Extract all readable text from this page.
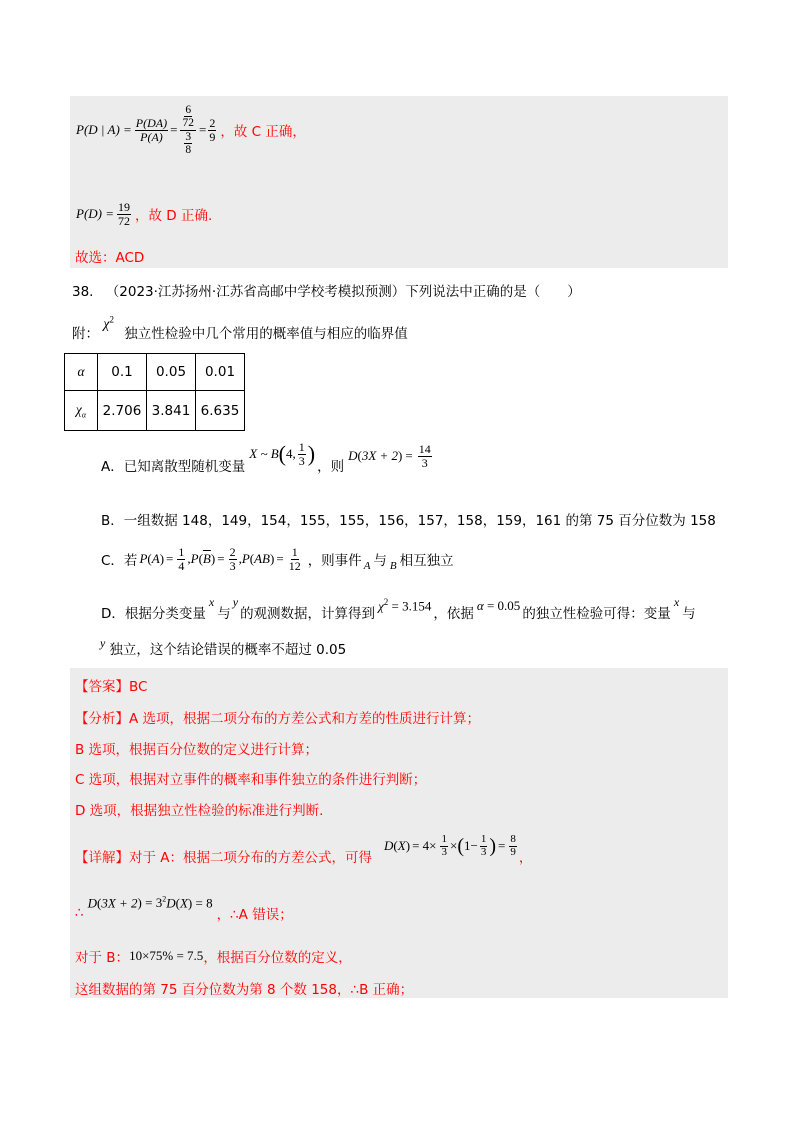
P(D | $A) = \frac{P(DA)}{P(A)} = \frac{\frac{6}{72}}{\frac{3}{8}} = \frac{2}{9}$ ，故 C 正确，
$P(D) = \frac{19}{72}$ ，故 D 正确.
故选：ACD
38. （2023·江苏扬州·江苏省高邮中学校考模拟预测）下列说法中正确的是（　　）
附： $\chi^2$ 独立性检验中几个常用的概率值与相应的临界值
α	0.1	0.05	0.01
$\chi_\alpha$	2.706	3.841	6.635
A．已知离散型随机变量
X ~ B ( 4, $\frac{1}{3}$ )
，则
D ( 3X + 2 ) = $\frac{14}{3}$
B．一组数据 148，149，154，155，155，156，157，158，159，161 的第 75 百分位数为 158
C．若 P ( A ) = $\frac{1}{4}$ , P ( $\overline{B}$ ) = $\frac{2}{3}$ , P ( AB ) = $\frac{1}{12}$ ，则事件 A 与 B 相互独立
D．根据分类变量
x
与
y
的观测数据，计算得到 $\chi^2 = 3.154$ ，依据
α = 0.05
的独立性检验可得：变量
x
与
y 独立，这个结论错误的概率不超过 0.05
【答案】BC
【分析】A 选项，根据二项分布的方差公式和方差的性质进行计算；
B 选项，根据百分位数的定义进行计算；
C 选项，根据对立事件的概率和事件独立的条件进行判断；
D 选项，根据独立性检验的标准进行判断.
【详解】 对于 A：根据二项分布的方差公式，可得
D ( X ) = $4\times \frac{1}{3}$ × ( $1- \frac{1}{3}$ ) = $\frac{8}{9}$ ，
∴
$D(3X + 2) = 3^2D(X) = 8$
，∴A 错误；
对于 B： 10×75% = 7.5 ，根据百分位数的定义，
这组数据的第 75 百分位数为第 8 个数 158，∴B 正确；
